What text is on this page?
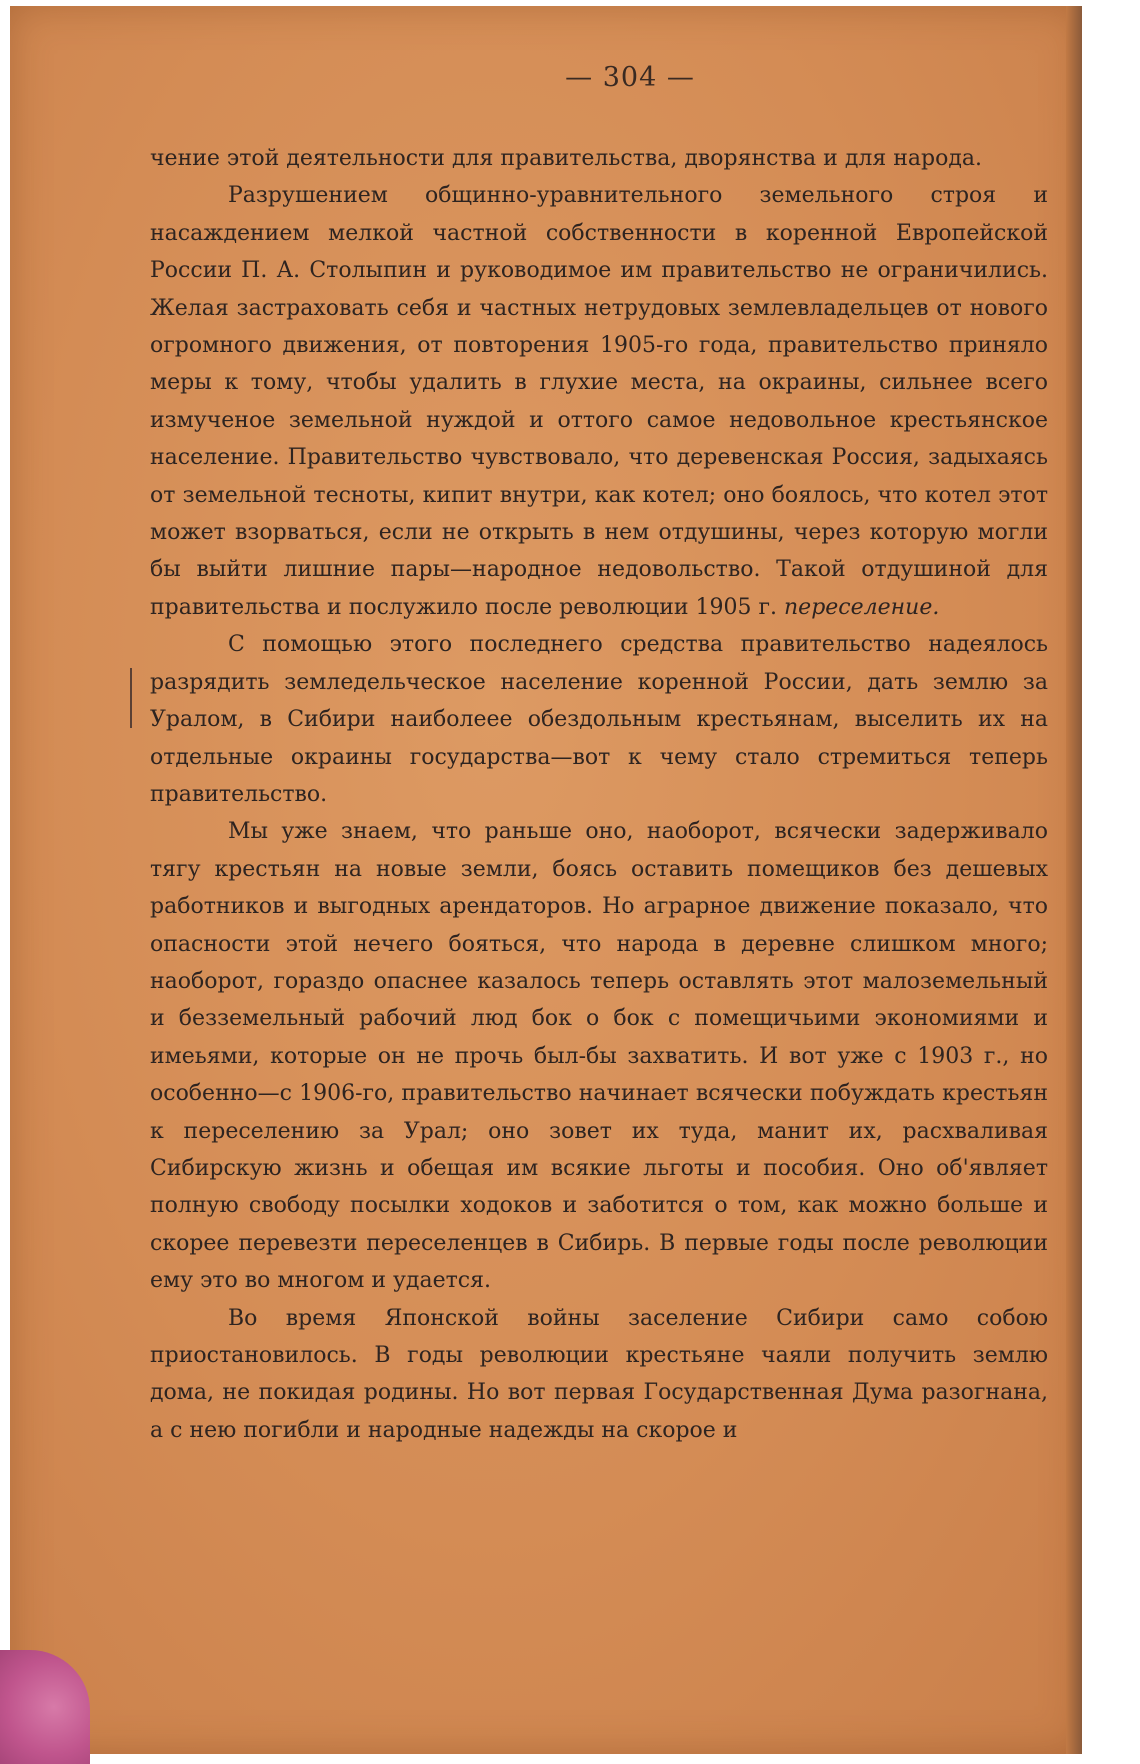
— 304 —

чение этой деятельности для правительства, дворянства и для народа.

Разрушением общинно-уравнительного земельного строя и насаждением мелкой частной собственности в коренной Европейской России П. А. Столыпин и руководимое им правительство не ограничились. Желая застраховать себя и частных нетрудовых землевладельцев от нового огромного движения, от повторения 1905-го года, правительство приняло меры к тому, чтобы удалить в глухие места, на окраины, сильнее всего измученое земельной нуждой и оттого самое недовольное крестьянское население. Правительство чувствовало, что деревенская Россия, задыхаясь от земельной тесноты, кипит внутри, как котел; оно боялось, что котел этот может взорваться, если не открыть в нем отдушины, через которую могли бы выйти лишние пары—народное недовольство. Такой отдушиной для правительства и послужило после революции 1905 г. переселение.

С помощью этого последнего средства правительство надеялось разрядить земледельческое население коренной России, дать землю за Уралом, в Сибири наиболеее обездольным крестьянам, выселить их на отдельные окраины государства—вот к чему стало стремиться теперь правительство.

Мы уже знаем, что раньше оно, наоборот, всячески задерживало тягу крестьян на новые земли, боясь оставить помещиков без дешевых работников и выгодных арендаторов. Но аграрное движение показало, что опасности этой нечего бояться, что народа в деревне слишком много; наоборот, гораздо опаснее казалось теперь оставлять этот малоземельный и безземельный рабочий люд бок о бок с помещичьими экономиями и имеьями, которые он не прочь был-бы захватить. И вот уже с 1903 г., но особенно—с 1906-го, правительство начинает всячески побуждать крестьян к переселению за Урал; оно зовет их туда, манит их, расхваливая Сибирскую жизнь и обещая им всякие льготы и пособия. Оно об'являет полную свободу посылки ходоков и заботится о том, как можно больше и скорее перевезти переселенцев в Сибирь. В первые годы после революции ему это во многом и удается.

Во время Японской войны заселение Сибири само собою приостановилось. В годы революции крестьяне чаяли получить землю дома, не покидая родины. Но вот первая Государственная Дума разогнана, а с нею погибли и народные надежды на скорое и
